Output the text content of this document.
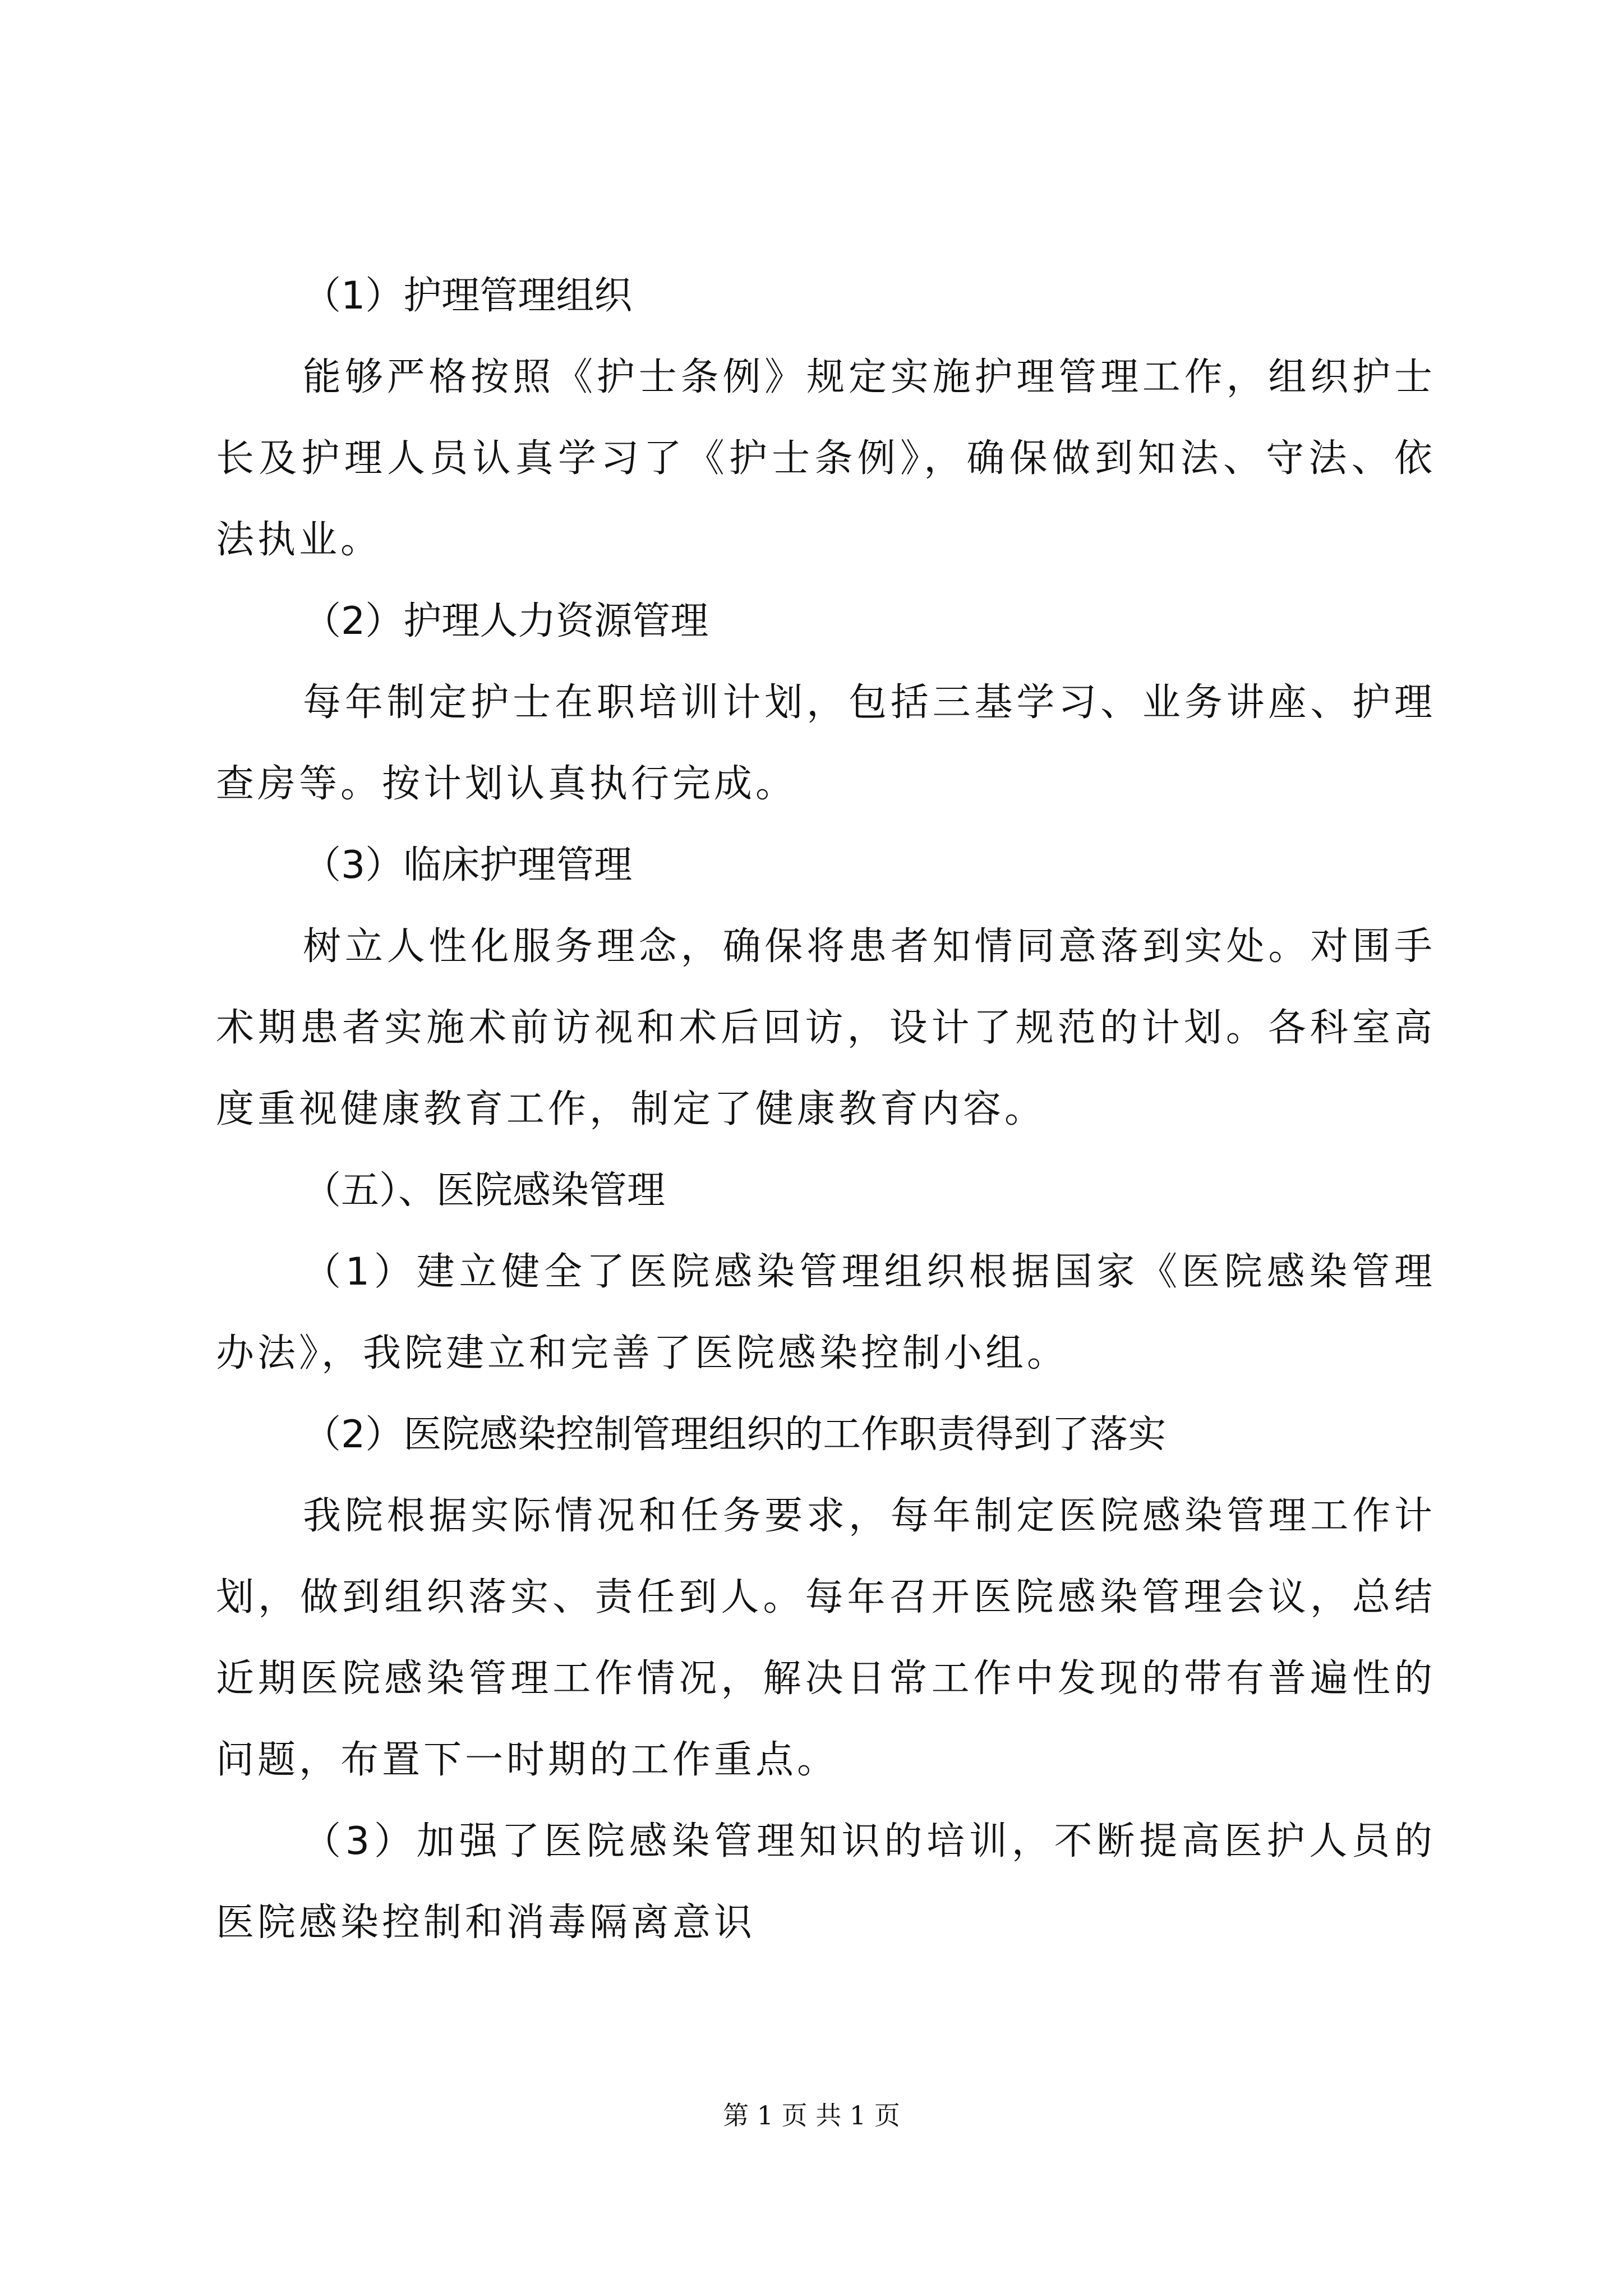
（1）护理管理组织

能够严格按照《护士条例》规定实施护理管理工作，组织护士长及护理人员认真学习了《护士条例》，确保做到知法、守法、依法执业。

（2）护理人力资源管理

每年制定护士在职培训计划，包括三基学习、业务讲座、护理查房等。按计划认真执行完成。

（3）临床护理管理

树立人性化服务理念，确保将患者知情同意落到实处。对围手术期患者实施术前访视和术后回访，设计了规范的计划。各科室高度重视健康教育工作，制定了健康教育内容。

（五）、医院感染管理

（1）建立健全了医院感染管理组织根据国家《医院感染管理办法》，我院建立和完善了医院感染控制小组。

（2）医院感染控制管理组织的工作职责得到了落实

我院根据实际情况和任务要求，每年制定医院感染管理工作计划，做到组织落实、责任到人。每年召开医院感染管理会议，总结近期医院感染管理工作情况，解决日常工作中发现的带有普遍性的问题，布置下一时期的工作重点。

（3）加强了医院感染管理知识的培训，不断提高医护人员的医院感染控制和消毒隔离意识

第 1 页 共 1 页
